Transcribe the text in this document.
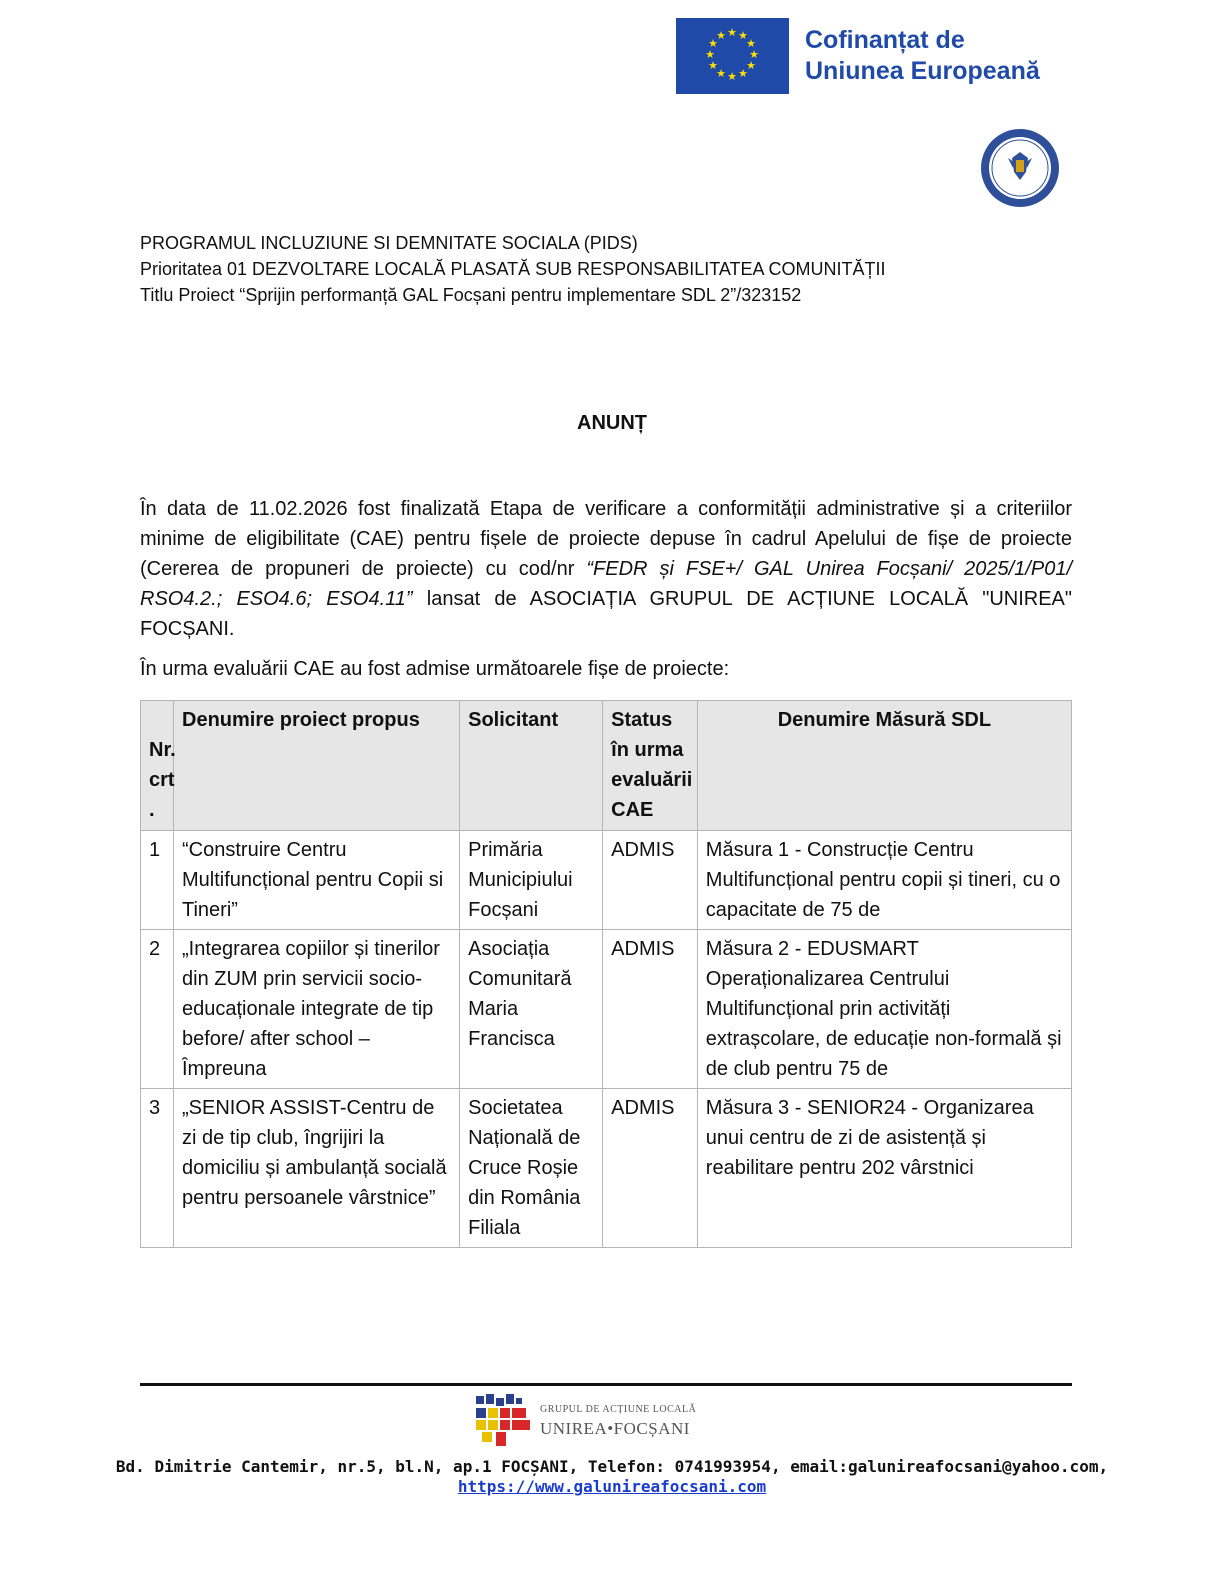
★ ★
★
★
★
★
★
★
★
★
★
★	Cofinanțat de
Uniunea Europeană
PROGRAMUL INCLUZIUNE SI DEMNITATE SOCIALA (PIDS)
Prioritatea 01 DEZVOLTARE LOCALĂ PLASATĂ SUB RESPONSABILITATEA COMUNITĂȚII
Titlu Proiect “Sprijin performanță GAL Focșani pentru implementare SDL 2”/323152
ANUNȚ
În data de 11.02.2026 fost finalizată Etapa de verificare a conformității administrative și a criteriilor minime de eligibilitate (CAE) pentru fișele de proiecte depuse în cadrul Apelului de fișe de proiecte (Cererea de propuneri de proiecte) cu cod/nr “FEDR și FSE+/ GAL Unirea Focșani/ 2025/1/P01/ RSO4.2.; ESO4.6; ESO4.11” lansat de ASOCIAȚIA GRUPUL DE ACȚIUNE LOCALĂ "UNIREA" FOCȘANI.
În urma evaluării CAE au fost admise următoarele fișe de proiecte:
Nr. crt .	Denumire proiect propus	Solicitant	Status în urma evaluării CAE	Denumire Măsură SDL
1	“Construire Centru Multifuncțional pentru Copii si Tineri”	Primăria Municipiului Focșani	ADMIS	Măsura 1 - Construcție Centru Multifuncțional pentru copii și tineri, cu o capacitate de 75 de

2	„Integrarea copiilor și tinerilor din ZUM prin servicii socio-educaționale integrate de tip before/ after school – Împreuna	Asociația Comunitară Maria Francisca	ADMIS	Măsura 2 - EDUSMART Operaționalizarea Centrului Multifuncțional prin activități extrașcolare, de educație non-formală și de club pentru 75 de

3	„SENIOR ASSIST-Centru de zi de tip club, îngrijiri la domiciliu și ambulanță socială pentru persoanele vârstnice”	Societatea Națională de Cruce Roșie din România Filiala	ADMIS	Măsura 3 - SENIOR24 - Organizarea unui centru de zi de asistență și reabilitare pentru 202 vârstnici
GRUPUL DE ACȚIUNE LOCALĂ
UNIREA•FOCȘANI
Bd. Dimitrie Cantemir, nr.5, bl.N, ap.1 FOCȘANI, Telefon: 0741993954, email:galunireafocsani@yahoo.com,
https://www.galunireafocsani.com
